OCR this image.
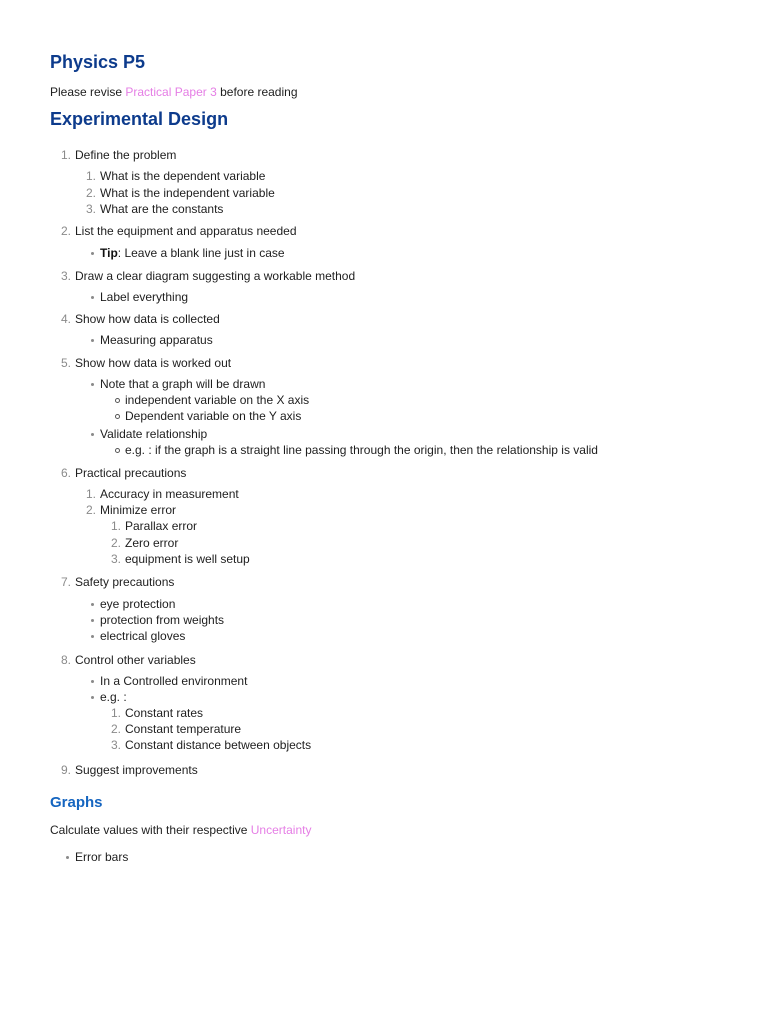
Physics P5

Please revise Practical Paper 3 before reading

Experimental Design
1. Define the problem
1. What is the dependent variable
2. What is the independent variable
3. What are the constants
2. List the equipment and apparatus needed
Tip: Leave a blank line just in case
3. Draw a clear diagram suggesting a workable method
Label everything
4. Show how data is collected
Measuring apparatus
5. Show how data is worked out
Note that a graph will be drawn
independent variable on the X axis
Dependent variable on the Y axis
Validate relationship
e.g. : if the graph is a straight line passing through the origin, then the relationship is valid
6. Practical precautions
1. Accuracy in measurement
2. Minimize error
1. Parallax error
2. Zero error
3. equipment is well setup
7. Safety precautions
eye protection
protection from weights
electrical gloves
8. Control other variables
In a Controlled environment
e.g. :
1. Constant rates
2. Constant temperature
3. Constant distance between objects
9. Suggest improvements
Graphs

Calculate values with their respective Uncertainty

Error bars
